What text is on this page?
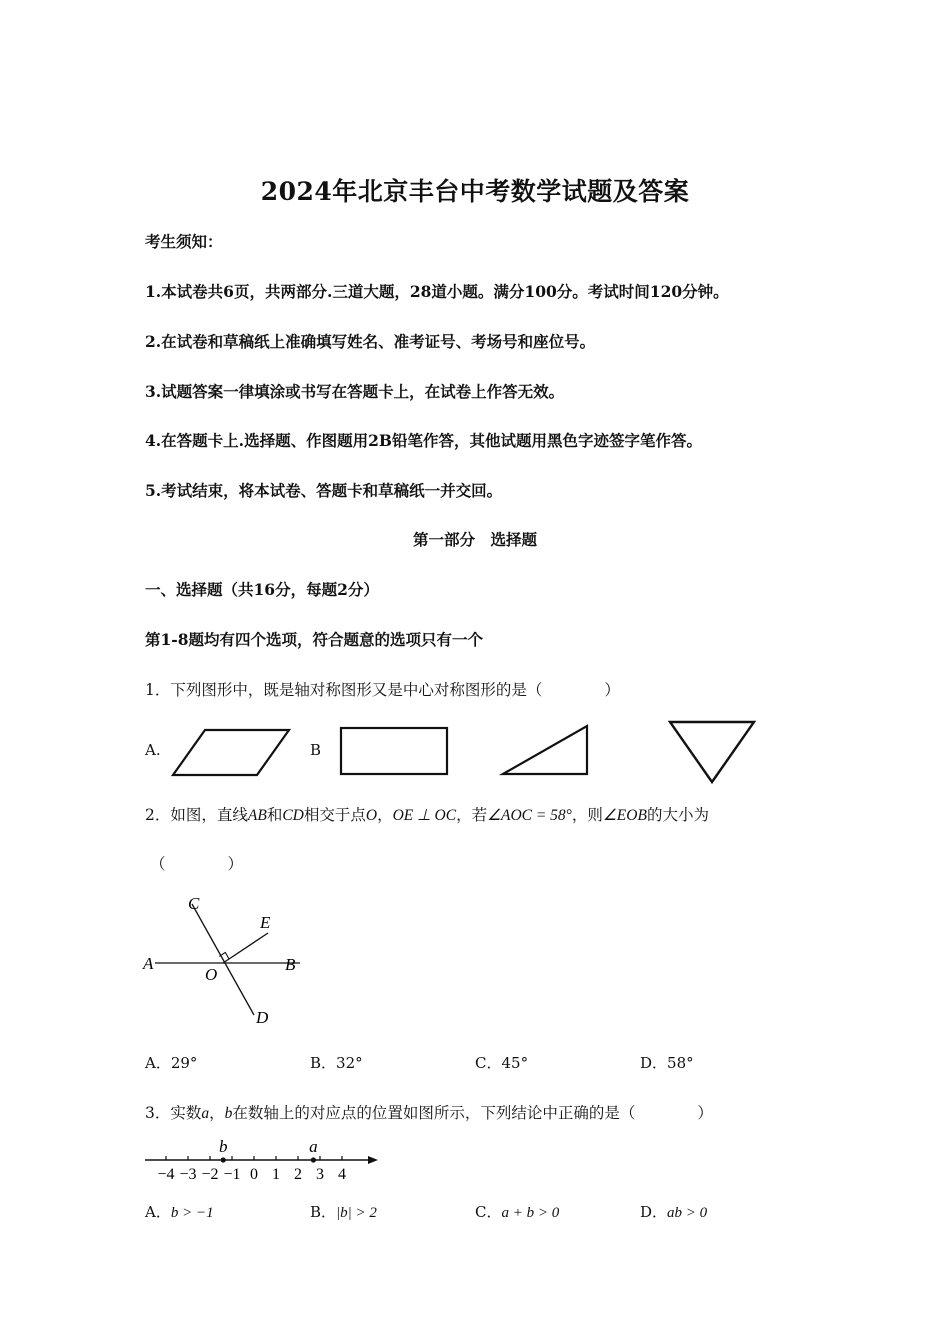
2024年北京丰台中考数学试题及答案
考生须知：
1.本试卷共6页，共两部分.三道大题，28道小题。满分100分。考试时间120分钟。
2.在试卷和草稿纸上准确填写姓名、准考证号、考场号和座位号。
3.试题答案一律填涂或书写在答题卡上，在试卷上作答无效。
4.在答题卡上.选择题、作图题用2B铅笔作答，其他试题用黑色字迹签字笔作答。
5.考试结束，将本试卷、答题卡和草稿纸一并交回。
第一部分　选择题
一、选择题（共16分，每题2分）
第1-8题均有四个选项，符合题意的选项只有一个
1．下列图形中，既是轴对称图形又是中心对称图形的是（　　　　）
A.	B
2．如图，直线AB和CD相交于点O，OE ⊥ OC，若∠AOC = 58°，则∠EOB的大小为
（　　　　）
A	B
C
D
E
O
A．29°	B．32°	C．45°	D．58°
3．实数a，b在数轴上的对应点的位置如图所示，下列结论中正确的是（　　　　）
−4 −3 −2 −1 0 1 2 3 4
b	a
A．b > −1	B．|b| > 2	C．a + b > 0	D．ab > 0
